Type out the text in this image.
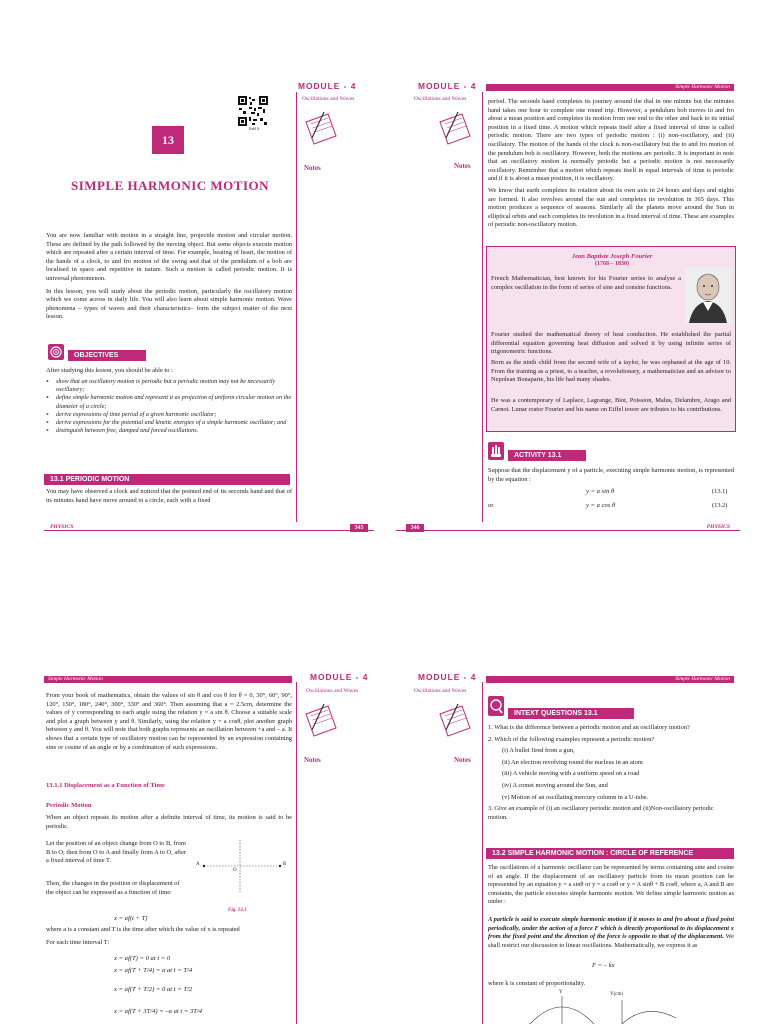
MODULE - 4
Oscillations and Waves
Kabl A
Notes
13
SIMPLE HARMONIC MOTION

You are now familiar with motion in a straight line, projectile motion and circular motion. These are defined by the path followed by the moving object. But some objects execute motion which are repeated after a certain interval of time. For example, beating of heart, the motion of the hands of a clock, to and fro motion of the swing and that of the pendulum of a bob are localised in space and repetitive in nature. Such a motion is called periodic motion. It is universal phenomenon.

In this lesson, you will study about the periodic motion, particularly the oscillatory motion which we come across in daily life. You will also learn about simple harmonic motion. Wave phenomena – types of waves and their characteristics– form the subject matter of the next lesson.

OBJECTIVES
After studying this lesson, you should be able to :
• show that an oscillatory motion is periodic but a periodic motion may not be necessarily oscillatory;
• define simple harmonic motion and represent it as projection of uniform circular motion on the diameter of a circle;
• derive expressions of time period of a given harmonic oscillator;
• derive expressions for the potential and kinetic energies of a simple harmonic oscillator; and
• distinguish between free, damped and forced oscillations.
13.1 PERIODIC MOTION

You may have observed a clock and noticed that the pointed end of its seconds hand and that of its minutes hand have move around in a circle, each with a fixed

PHYSICS	345
MODULE - 4
Oscillations and Waves
Simple Harmonic Motion
Notes

period. The seconds hand completes its journey around the dial in one minute but the minutes hand takes one hour to complete one round trip. However, a pendulum bob moves to and fro about a mean position and completes its motion from one end to the other and back to its initial position in a fixed time. A motion which repeats itself after a fixed interval of time is called periodic motion. There are two types of periodic motion : (i) non–oscillatory, and (ii) oscillatory. The motion of the hands of the clock is non-oscillatory but the to and fro motion of the pendulum bob is oscillatory. However, both the motions are periodic. It is important to note that an oscillatory motion is normally periodic but a periodic motion is not necessarily oscillatory. Remember that a motion which repeats itself in equal intervals of time is periodic and if it is about a mean position, it is oscillatory.

We know that earth completes its rotation about its own axis in 24 hours and days and nights are formed. It also revolves around the sun and completes its revolution in 365 days. This motion produces a sequence of seasons. Similarly all the planets move around the Sun in elliptical orbits and each completes its revolution in a fixed interval of time. These are examples of periodic non-oscillatory motion.

Jean Baptiste Joseph Fourier
(1768 – 1830)

French Mathematician, best known for his Fourier series to analyse a complex oscillation in the form of series of sine and consine functions.

Fourier studied the mathematical theory of heat conduction. He established the partial differential equation governing heat diffusion and solved it by using infinite series of trigonometric functions.

Born as the ninth child from the second wife of a taylor, he was orphaned at the age of 10. From the training as a priest, to a teacher, a revolutionary, a mathematician and an advisor to Nepolean Bonaparte, his life had many shades.

He was a contemporary of Laplace, Lagrange, Biot, Poission, Malus, Delambre, Arago and Carnot. Lunar crator Fourier and his name on Eiffel tower are tributes to his contributions.

ACTIVITY 13.1

Suppose that the displacement y of a particle, executing simple harmonic motion, is represented by the equation :

y = a sin θ	(13.1)
or	y = a cos θ	(13.2)
346	PHYSICS
Simple Harmonic Motion	MODULE - 4
Oscillations and Waves
Notes

From your book of mathematics, obtain the values of sin θ and cos θ for θ = 0, 30°, 60°, 90°, 120°, 150°, 180°, 240°, 300°, 330° and 360°. Then assuming that a = 2.5cm, determine the values of y corresponding to each angle using the relation y = a sin θ. Choose a suitable scale and plot a graph between y and θ. Similarly, using the relation y = a cosθ, plot another graph between y and θ. You will note that both graphs represents an oscillation between +a and – a. It shows that a certain type of oscillatory motion can be represented by an expression containing sine or cosine of an angle or by a combination of such expressions.

13.1.1 Displacement as a Function of Time
Periodic Motion

When an object repeats its motion after a definite interval of time, its motion is said to be periodic.

Let the position of an object change from O to B, from B to O; then from O to A and finally from A to O, after a fixed interval of time T.

Then, the changes in the position or displacement of the object can be expressed as a function of time:

A
O
B
Fig. 13.1
x = af(t + T)

where a is a constant and T is the time after which the value of x is repeated

For each time interval T:

x = af(T) = 0 at t = 0
x = af(T + T/4) = a at t = T/4
x = af(T + T/2) = 0 at t = T/2
x = af(T + 3T/4) = –a at t = 3T/4
MODULE - 4
Oscillations and Waves
Simple Harmonic Motion
Notes
INTEXT QUESTIONS 13.1
1. What is the difference between a periodic motion and an oscillatory motion?
2. Which of the following examples represent a periodic motion?
(i) A bullet fired from a gun,
(ii) An electron revolving round the nucleus in an atom
(iii) A vehicle moving with a uniform speed on a road
(iv) A comet moving around the Sun, and
(v) Motion of an oscillating mercury column in a U-tube.
3. Give an example of (i) an oscillatory periodic motion and (ii)Non-oscillatory periodic motion.
13.2 SIMPLE HARMONIC MOTION : CIRCLE OF REFERENCE

The oscillations of a harmonic oscillator can be represented by terms containing sine and cosine of an angle. If the displacement of an oscillatory particle from its mean position can be represented by an equation y = a sinθ or y = a cosθ or y = A sinθ + B cosθ, where a, A and B are constants, the particle executes simple harmonic motion. We define simple harmonic motion as under :

A particle is said to execute simple harmonic motion if it moves to and fro about a fixed point periodically, under the action of a force F which is directly proportional to its displacement x from the fixed point and the direction of the force is opposite to that of the displacement. We shall restrict our discussion to linear oscillations. Mathematically, we express it as

F = – kx

where k is constant of proportionality.

Y	Y(cm)
